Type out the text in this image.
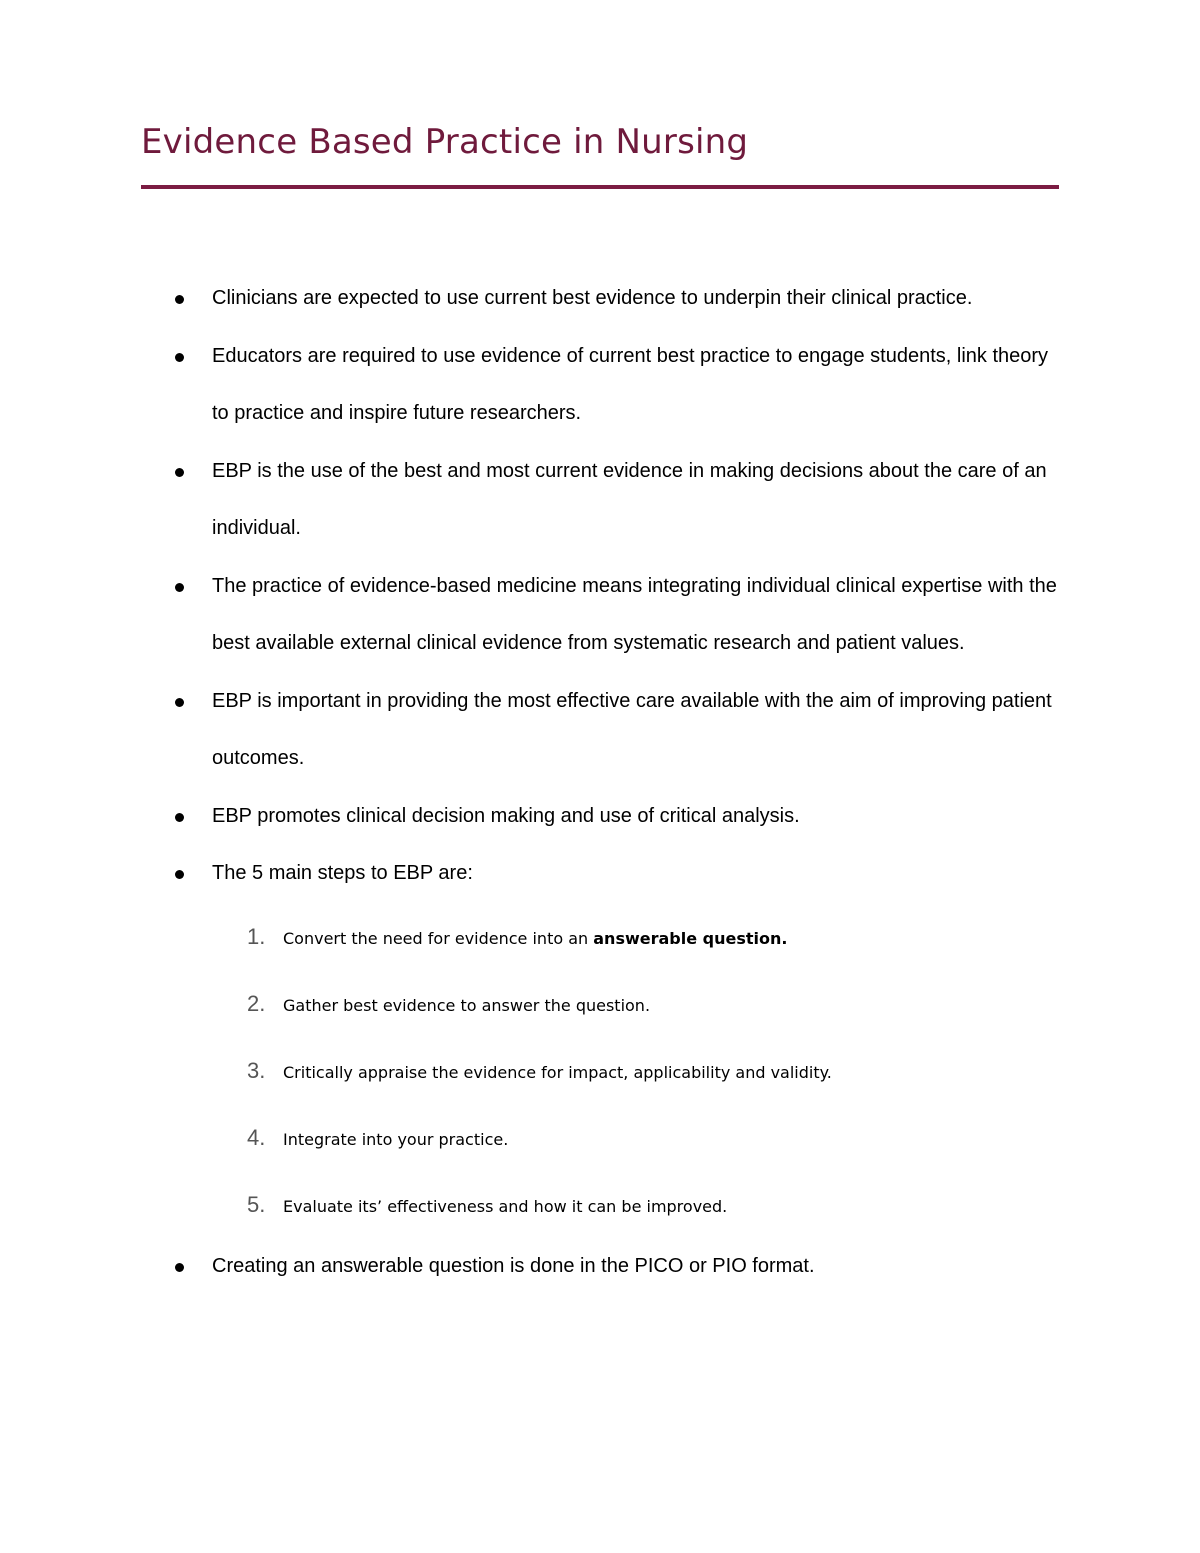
Evidence Based Practice in Nursing
Clinicians are expected to use current best evidence to underpin their clinical practice.
Educators are required to use evidence of current best practice to engage students, link theory to practice and inspire future researchers.
EBP is the use of the best and most current evidence in making decisions about the care of an individual.
The practice of evidence-based medicine means integrating individual clinical expertise with the best available external clinical evidence from systematic research and patient values.
EBP is important in providing the most effective care available with the aim of improving patient outcomes.
EBP promotes clinical decision making and use of critical analysis.
The 5 main steps to EBP are:
1. Convert the need for evidence into an answerable question.
2. Gather best evidence to answer the question.
3. Critically appraise the evidence for impact, applicability and validity.
4. Integrate into your practice.
5. Evaluate its’ effectiveness and how it can be improved.
Creating an answerable question is done in the PICO or PIO format.
